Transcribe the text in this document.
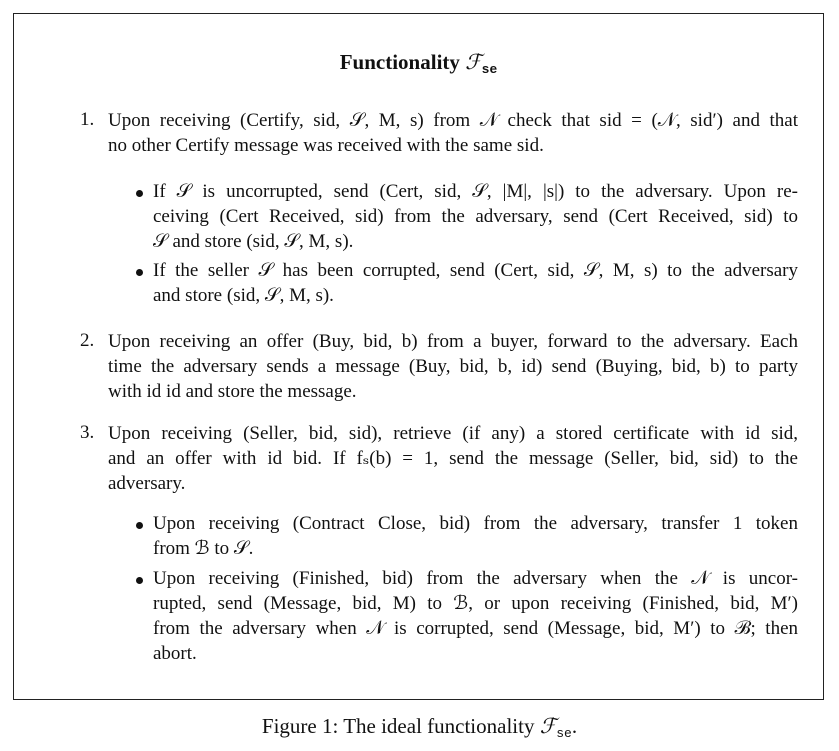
Functionality ℱ$_{se}$
1. Upon receiving (Certify, sid, 𝒮, M, s) from 𝒩 check that sid = (𝒩, sid′) and that
no other Certify message was received with the same sid.
If 𝒮 is uncorrupted, send (Cert, sid, 𝒮, |M|, |s|) to the adversary. Upon re-
ceiving (Cert Received, sid) from the adversary, send (Cert Received, sid) to
𝒮 and store (sid, 𝒮, M, s).
If the seller 𝒮 has been corrupted, send (Cert, sid, 𝒮, M, s) to the adversary
and store (sid, 𝒮, M, s).
2. Upon receiving an offer (Buy, bid, b) from a buyer, forward to the adversary. Each
time the adversary sends a message (Buy, bid, b, id) send (Buying, bid, b) to party
with id id and store the message.
3. Upon receiving (Seller, bid, sid), retrieve (if any) a stored certificate with id sid,
and an offer with id bid. If fₛ(b) = 1, send the message (Seller, bid, sid) to the
adversary.
Upon receiving (Contract Close, bid) from the adversary, transfer 1 token
from ℬ to 𝒮.
Upon receiving (Finished, bid) from the adversary when the 𝒩 is uncor-
rupted, send (Message, bid, M) to ℬ, or upon receiving (Finished, bid, M′)
from the adversary when 𝒩 is corrupted, send (Message, bid, M′) to ℬ; then
abort.
Figure 1: The ideal functionality ℱ$_{se}$.
